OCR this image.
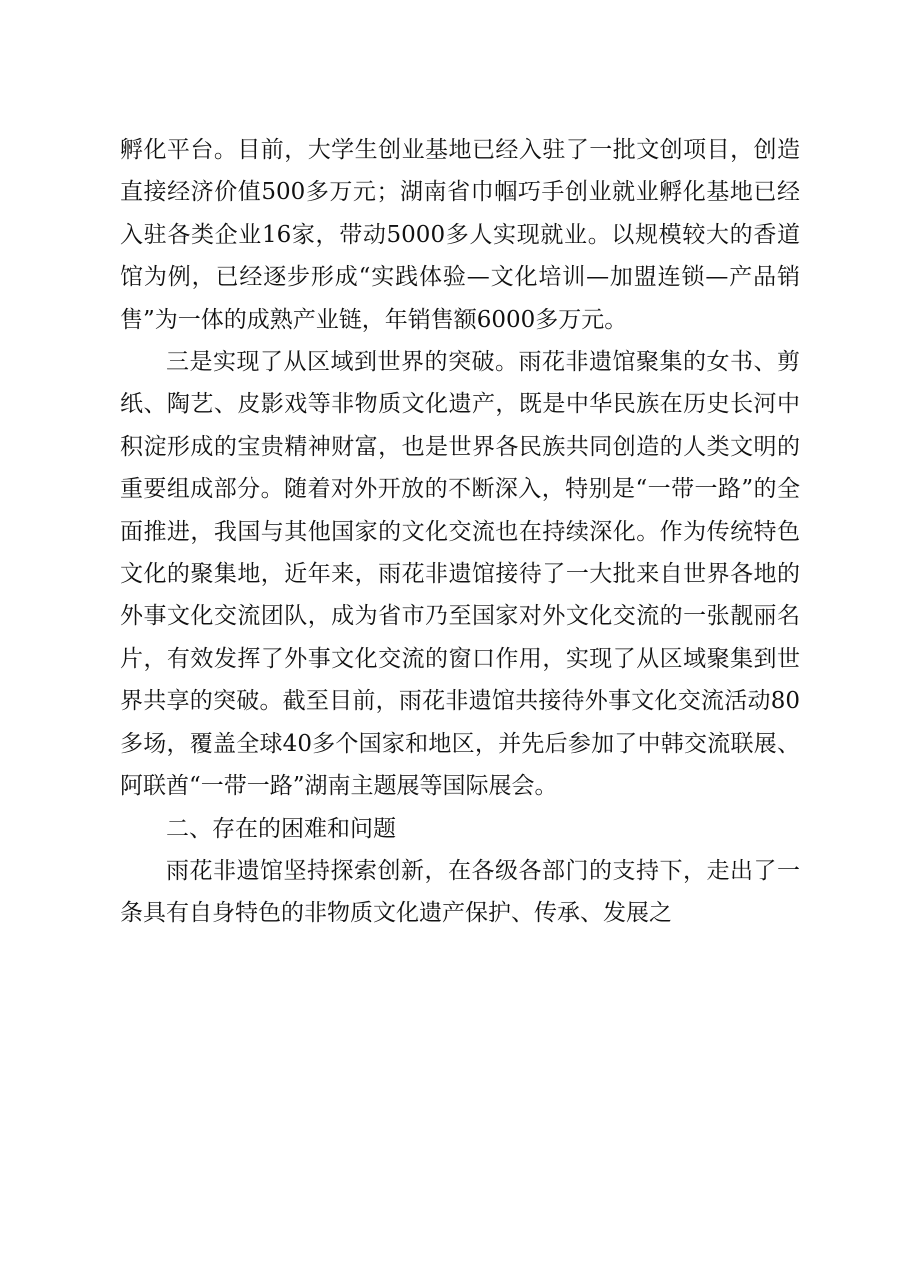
孵化平台。目前，大学生创业基地已经入驻了一批文创项目，创造直接经济价值500多万元；湖南省巾帼巧手创业就业孵化基地已经入驻各类企业16家，带动5000多人实现就业。以规模较大的香道馆为例，已经逐步形成“实践体验—文化培训—加盟连锁—产品销售”为一体的成熟产业链，年销售额6000多万元。

三是实现了从区域到世界的突破。雨花非遗馆聚集的女书、剪纸、陶艺、皮影戏等非物质文化遗产，既是中华民族在历史长河中积淀形成的宝贵精神财富，也是世界各民族共同创造的人类文明的重要组成部分。随着对外开放的不断深入，特别是“一带一路”的全面推进，我国与其他国家的文化交流也在持续深化。作为传统特色文化的聚集地，近年来，雨花非遗馆接待了一大批来自世界各地的外事文化交流团队，成为省市乃至国家对外文化交流的一张靓丽名片，有效发挥了外事文化交流的窗口作用，实现了从区域聚集到世界共享的突破。截至目前，雨花非遗馆共接待外事文化交流活动80多场，覆盖全球40多个国家和地区，并先后参加了中韩交流联展、阿联酋“一带一路”湖南主题展等国际展会。

二、存在的困难和问题

雨花非遗馆坚持探索创新，在各级各部门的支持下，走出了一条具有自身特色的非物质文化遗产保护、传承、发展之
